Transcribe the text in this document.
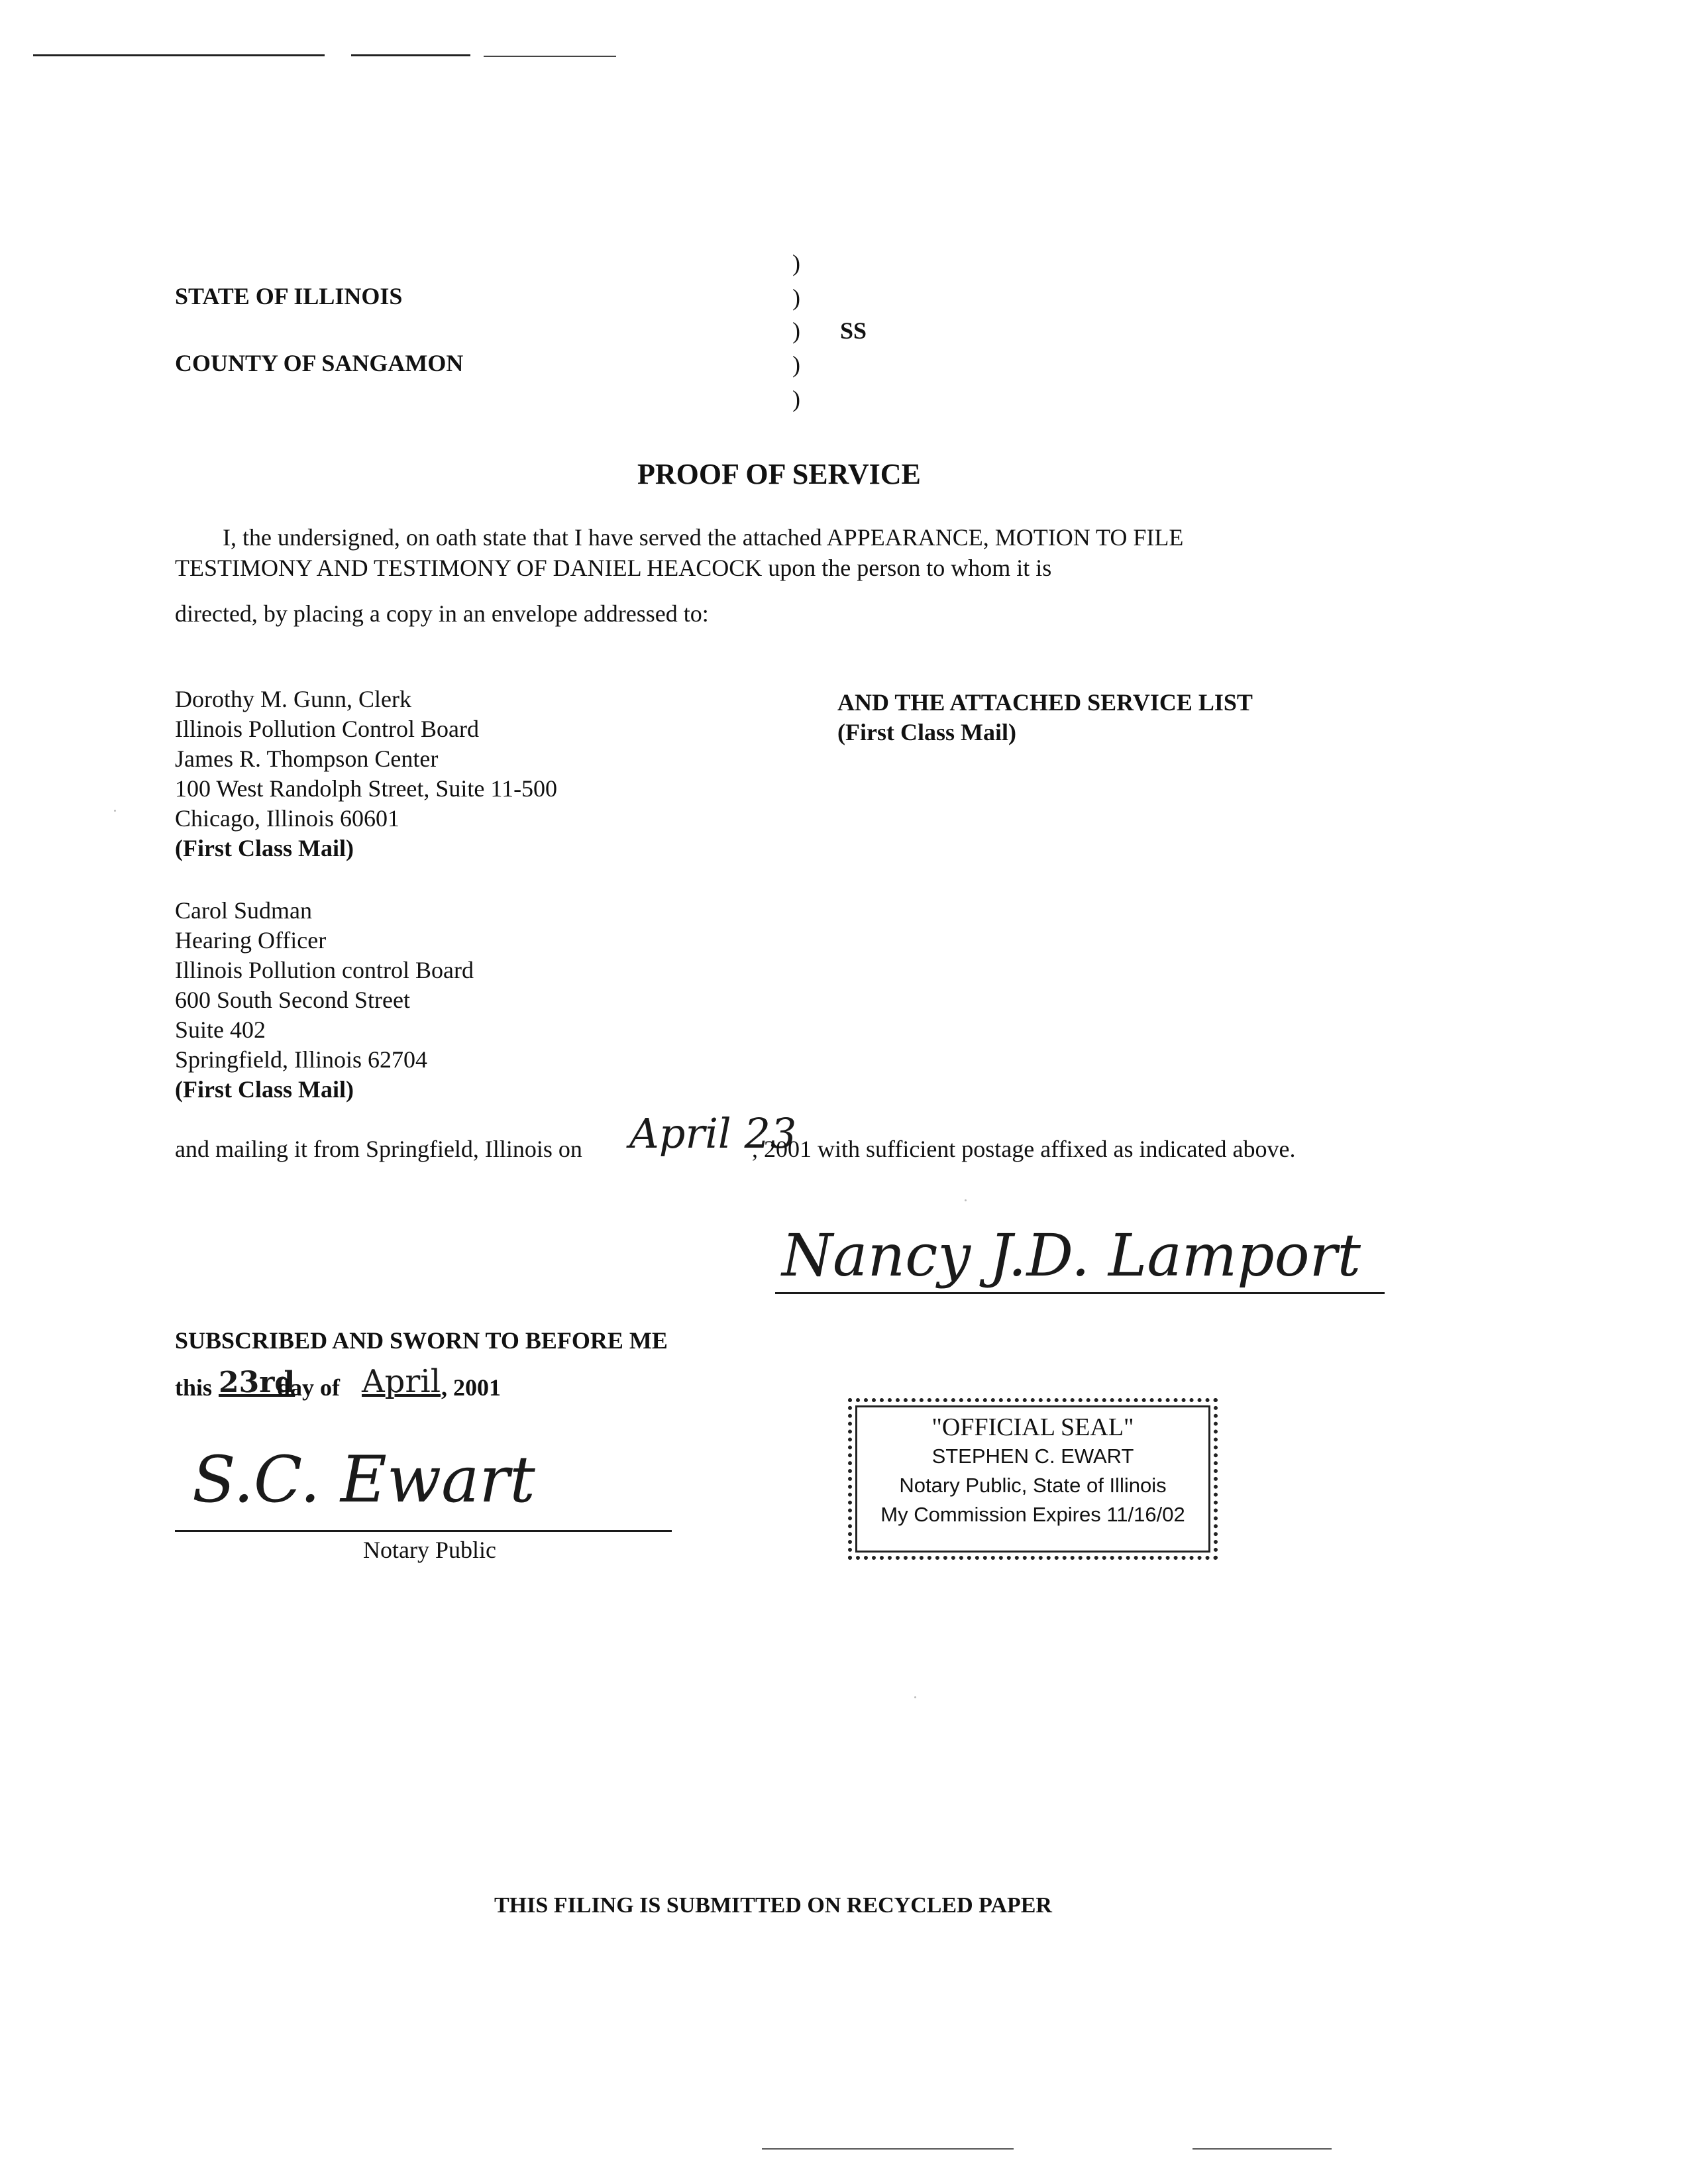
STATE OF ILLINOIS
COUNTY OF SANGAMON
SS
)
)
)
)
)
PROOF OF SERVICE
I, the undersigned, on oath state that I have served the attached APPEARANCE, MOTION TO FILE
TESTIMONY AND TESTIMONY OF DANIEL HEACOCK upon the person to whom it is
directed, by placing a copy in an envelope addressed to:
Dorothy M. Gunn, Clerk
Illinois Pollution Control Board
James R. Thompson Center
100 West Randolph Street, Suite 11-500
Chicago, Illinois 60601
(First Class Mail)
AND THE ATTACHED SERVICE LIST
(First Class Mail)
Carol Sudman
Hearing Officer
Illinois Pollution control Board
600 South Second Street
Suite 402
Springfield, Illinois 62704
(First Class Mail)
and mailing it from Springfield, Illinois on April 23
, 2001 with sufficient postage affixed as indicated above.
Nancy J.D. Lamport
SUBSCRIBED AND SWORN TO BEFORE ME
this 23rd
day of April , 2001
S.C. Ewart
Notary Public
"OFFICIAL SEAL"
STEPHEN C. EWART
Notary Public, State of Illinois
My Commission Expires 11/16/02
THIS FILING IS SUBMITTED ON RECYCLED PAPER
